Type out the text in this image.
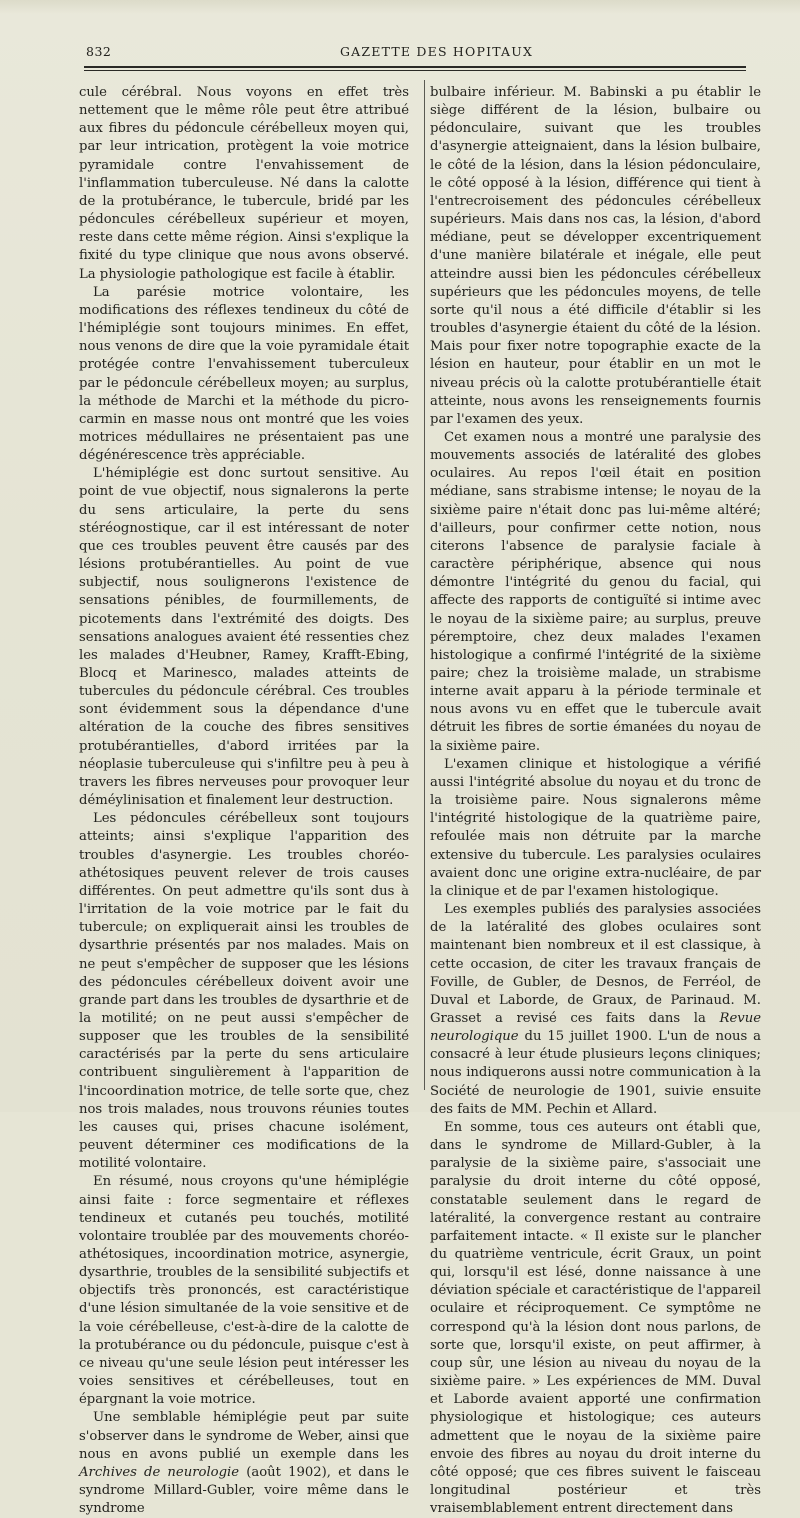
832	GAZETTE DES HOPITAUX

cule cérébral. Nous voyons en effet très nettement que le même rôle peut être attribué aux fibres du pédoncule cérébelleux moyen qui, par leur intrication, protègent la voie motrice pyramidale contre l'envahissement de l'inflammation tuberculeuse. Né dans la calotte de la protubérance, le tubercule, bridé par les pédoncules cérébelleux supérieur et moyen, reste dans cette même région. Ainsi s'explique la fixité du type clinique que nous avons observé. La physiologie pathologique est facile à établir.

La parésie motrice volontaire, les modifications des réflexes tendineux du côté de l'hémiplégie sont toujours minimes. En effet, nous venons de dire que la voie pyramidale était protégée contre l'envahissement tuberculeux par le pédoncule cérébelleux moyen; au surplus, la méthode de Marchi et la méthode du picro-carmin en masse nous ont montré que les voies motrices médullaires ne présentaient pas une dégénérescence très appréciable.

L'hémiplégie est donc surtout sensitive. Au point de vue objectif, nous signalerons la perte du sens articulaire, la perte du sens stéréognostique, car il est intéressant de noter que ces troubles peuvent être causés par des lésions protubérantielles. Au point de vue subjectif, nous soulignerons l'existence de sensations pénibles, de fourmillements, de picotements dans l'extrémité des doigts. Des sensations analogues avaient été ressenties chez les malades d'Heubner, Ramey, Krafft-Ebing, Blocq et Marinesco, malades atteints de tubercules du pédoncule cérébral. Ces troubles sont évidemment sous la dépendance d'une altération de la couche des fibres sensitives protubérantielles, d'abord irritées par la néoplasie tuberculeuse qui s'infiltre peu à peu à travers les fibres nerveuses pour provoquer leur déméylinisation et finalement leur destruction.

Les pédoncules cérébelleux sont toujours atteints; ainsi s'explique l'apparition des troubles d'asynergie. Les troubles choréo-athétosiques peuvent relever de trois causes différentes. On peut admettre qu'ils sont dus à l'irritation de la voie motrice par le fait du tubercule; on expliquerait ainsi les troubles de dysarthrie présentés par nos malades. Mais on ne peut s'empêcher de supposer que les lésions des pédoncules cérébelleux doivent avoir une grande part dans les troubles de dysarthrie et de la motilité; on ne peut aussi s'empêcher de supposer que les troubles de la sensibilité caractérisés par la perte du sens articulaire contribuent singulièrement à l'apparition de l'incoordination motrice, de telle sorte que, chez nos trois malades, nous trouvons réunies toutes les causes qui, prises chacune isolément, peuvent déterminer ces modifications de la motilité volontaire.

En résumé, nous croyons qu'une hémiplégie ainsi faite : force segmentaire et réflexes tendineux et cutanés peu touchés, motilité volontaire troublée par des mouvements choréo-athétosiques, incoordination motrice, asynergie, dysarthrie, troubles de la sensibilité subjectifs et objectifs très prononcés, est caractéristique d'une lésion simultanée de la voie sensitive et de la voie cérébelleuse, c'est-à-dire de la calotte de la protubérance ou du pédoncule, puisque c'est à ce niveau qu'une seule lésion peut intéresser les voies sensitives et cérébelleuses, tout en épargnant la voie motrice.

Une semblable hémiplégie peut par suite s'observer dans le syndrome de Weber, ainsi que nous en avons publié un exemple dans les Archives de neurologie (août 1902), et dans le syndrome Millard-Gubler, voire même dans le syndrome

bulbaire inférieur. M. Babinski a pu établir le siège différent de la lésion, bulbaire ou pédonculaire, suivant que les troubles d'asynergie atteignaient, dans la lésion bulbaire, le côté de la lésion, dans la lésion pédonculaire, le côté opposé à la lésion, différence qui tient à l'entrecroisement des pédoncules cérébelleux supérieurs. Mais dans nos cas, la lésion, d'abord médiane, peut se développer excentriquement d'une manière bilatérale et inégale, elle peut atteindre aussi bien les pédoncules cérébelleux supérieurs que les pédoncules moyens, de telle sorte qu'il nous a été difficile d'établir si les troubles d'asynergie étaient du côté de la lésion. Mais pour fixer notre topographie exacte de la lésion en hauteur, pour établir en un mot le niveau précis où la calotte protubérantielle était atteinte, nous avons les renseignements fournis par l'examen des yeux.

Cet examen nous a montré une paralysie des mouvements associés de latéralité des globes oculaires. Au repos l'œil était en position médiane, sans strabisme intense; le noyau de la sixième paire n'était donc pas lui-même altéré; d'ailleurs, pour confirmer cette notion, nous citerons l'absence de paralysie faciale à caractère périphérique, absence qui nous démontre l'intégrité du genou du facial, qui affecte des rapports de contiguïté si intime avec le noyau de la sixième paire; au surplus, preuve péremptoire, chez deux malades l'examen histologique a confirmé l'intégrité de la sixième paire; chez la troisième malade, un strabisme interne avait apparu à la période terminale et nous avons vu en effet que le tubercule avait détruit les fibres de sortie émanées du noyau de la sixième paire.

L'examen clinique et histologique a vérifié aussi l'intégrité absolue du noyau et du tronc de la troisième paire. Nous signalerons même l'intégrité histologique de la quatrième paire, refoulée mais non détruite par la marche extensive du tubercule. Les paralysies oculaires avaient donc une origine extra-nucléaire, de par la clinique et de par l'examen histologique.

Les exemples publiés des paralysies associées de la latéralité des globes oculaires sont maintenant bien nombreux et il est classique, à cette occasion, de citer les travaux français de Foville, de Gubler, de Desnos, de Ferréol, de Duval et Laborde, de Graux, de Parinaud. M. Grasset a revisé ces faits dans la Revue neurologique du 15 juillet 1900. L'un de nous a consacré à leur étude plusieurs leçons cliniques; nous indiquerons aussi notre communication à la Société de neurologie de 1901, suivie ensuite des faits de MM. Pechin et Allard.

En somme, tous ces auteurs ont établi que, dans le syndrome de Millard-Gubler, à la paralysie de la sixième paire, s'associait une paralysie du droit interne du côté opposé, constatable seulement dans le regard de latéralité, la convergence restant au contraire parfaitement intacte. « Il existe sur le plancher du quatrième ventricule, écrit Graux, un point qui, lorsqu'il est lésé, donne naissance à une déviation spéciale et caractéristique de l'appareil oculaire et réciproquement. Ce symptôme ne correspond qu'à la lésion dont nous parlons, de sorte que, lorsqu'il existe, on peut affirmer, à coup sûr, une lésion au niveau du noyau de la sixième paire. » Les expériences de MM. Duval et Laborde avaient apporté une confirmation physiologique et histologique; ces auteurs admettent que le noyau de la sixième paire envoie des fibres au noyau du droit interne du côté opposé; que ces fibres suivent le faisceau longitudinal postérieur et très vraisemblablement entrent directement dans
